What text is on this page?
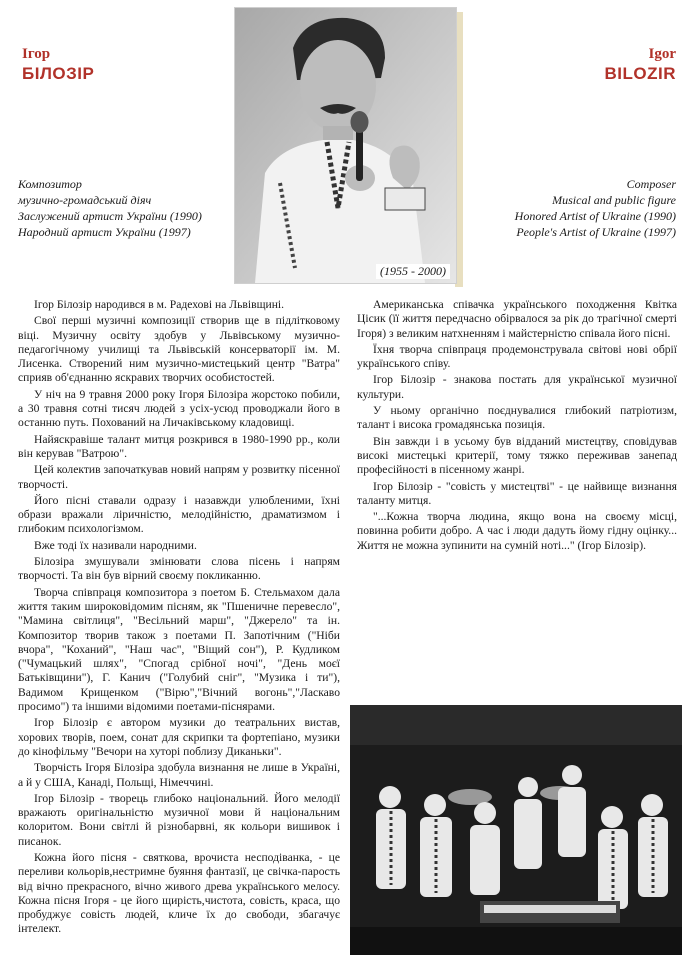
Ігор
БІЛОЗІР
Igor
BILOZIR
Композитор
музично-громадський діяч
Заслужений артист України (1990)
Народний артист України (1997)
Composer
Musical and public figure
Honored Artist of Ukraine (1990)
People's Artist of Ukraine (1997)
(1955 - 2000)

Ігор Білозір народився в м. Радехові на Львівщині.

Свої перші музичні композиції створив ще в підлітковому віці. Музичну освіту здобув у Львівському музично-педагогічному училищі та Львівській консерваторії ім. М. Лисенка. Створений ним музично-мистецький центр "Ватра" сприяв об'єднанню яскравих творчих особистостей.

У ніч на 9 травня 2000 року Ігоря Білозіра жорстоко побили, а 30 травня сотні тисяч людей з усіх-усюд проводжали його в останню путь. Похований на Личаківському кладовищі.

Найяскравіше талант митця розкрився в 1980-1990 рр., коли він керував "Ватрою".

Цей колектив започаткував новий напрям у розвитку пісенної творчості.

Його пісні ставали одразу і назавжди улюбленими, їхні образи вражали ліричністю, мелодійністю, драматизмом і глибоким психологізмом.

Вже тоді їх називали народними.

Білозіра змушували змінювати слова пісень і напрям творчості. Та він був вірний своєму покликанню.

Творча співпраця композитора з поетом Б. Стельмахом дала життя таким широковідомим пісням, як "Пшеничне перевесло", "Мамина світлиця", "Весільний марш", "Джерело" та ін. Композитор творив також з поетами П. Запотічним ("Ніби вчора", "Коханий", "Наш час", "Віщий сон"), Р. Кудликом ("Чумацький шлях", "Спогад срібної ночі", "День моєї Батьківщини"), Г. Канич ("Голубий сніг", "Музика і ти"), Вадимом Крищенком ("Вірю","Вічний вогонь","Ласкаво просимо") та іншими відомими поетами-піснярами.

Ігор Білозір є автором музики до театральних вистав, хорових творів, поем, сонат для скрипки та фортепіано, музики до кінофільму "Вечори на хуторі поблизу Диканьки".

Творчість Ігоря Білозіра здобула визнання не лише в Україні, а й у США, Канаді, Польщі, Німеччині.

Ігор Білозір - творець глибоко національний. Його мелодії вражають оригінальністю музичної мови й національним колоритом. Вони світлі й різнобарвні, як кольори вишивок і писанок.

Кожна його пісня - святкова, врочиста несподіванка, - це переливи кольорів,нестримне буяння фантазії, це свічка-пароcть від вічно прекрасного, вічно живого древа українського мелосу. Кожна пісня Ігоря - це його щирість,чистота, совість, краса, що пробуджує совість людей, кличе їх до свободи, збагачує інтелект.

Американська співачка українського походження Квітка Цісик (її життя передчасно обірвалося за рік до трагічної смерті Ігоря) з великим натхненням і майстерністю співала його пісні.

Їхня творча співпраця продемонструвала світові нові обрії українського співу.

Ігор Білозір - знакова постать для української музичної культури.

У ньому органічно поєднувалися глибокий патріотизм, талант і висока громадянська позиція.

Він завжди і в усьому був відданий мистецтву, сповідував високі мистецькі критерії, тому тяжко переживав занепад професійності в пісенному жанрі.

Ігор Білозір - "совість у мистецтві" - це найвище визнання таланту митця.

"...Кожна творча людина, якщо вона на своєму місці, повинна робити добро. А час і люди дадуть йому гідну оцінку... Життя не можна зупинити на сумній ноті..." (Ігор Білозір).
